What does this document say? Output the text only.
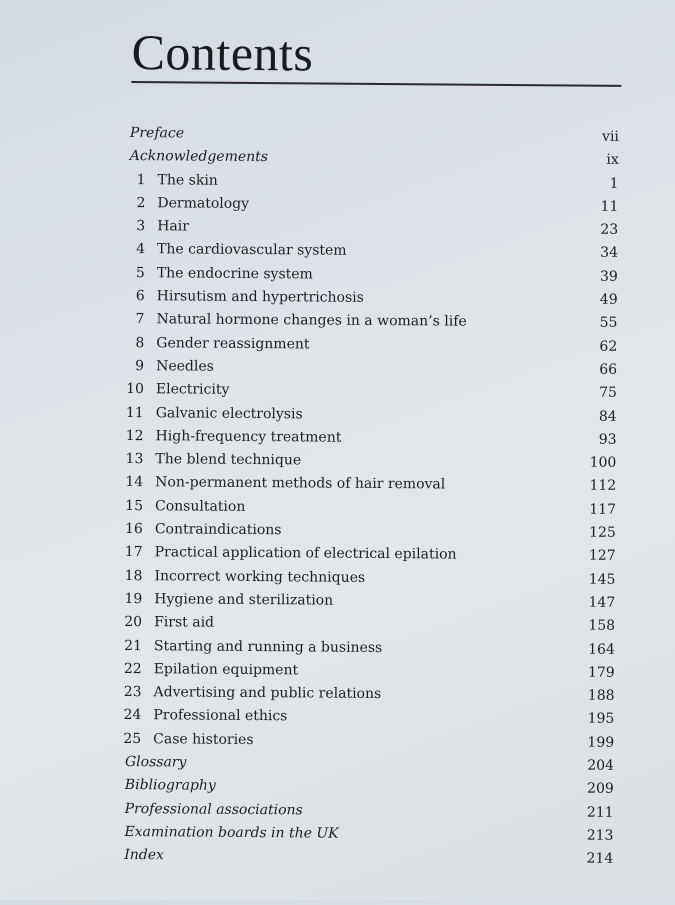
Contents
Preface	vii
Acknowledgements	ix
1 The skin	1
2 Dermatology	11
3 Hair	23
4 The cardiovascular system	34
5 The endocrine system	39
6 Hirsutism and hypertrichosis	49
7 Natural hormone changes in a woman’s life	55
8 Gender reassignment	62
9 Needles	66
10 Electricity	75
11 Galvanic electrolysis	84
12 High-frequency treatment	93
13 The blend technique	100
14 Non-permanent methods of hair removal	112
15 Consultation	117
16 Contraindications	125
17 Practical application of electrical epilation	127
18 Incorrect working techniques	145
19 Hygiene and sterilization	147
20 First aid	158
21 Starting and running a business	164
22 Epilation equipment	179
23 Advertising and public relations	188
24 Professional ethics	195
25 Case histories	199
Glossary	204
Bibliography	209
Professional associations	211
Examination boards in the UK	213
Index	214
